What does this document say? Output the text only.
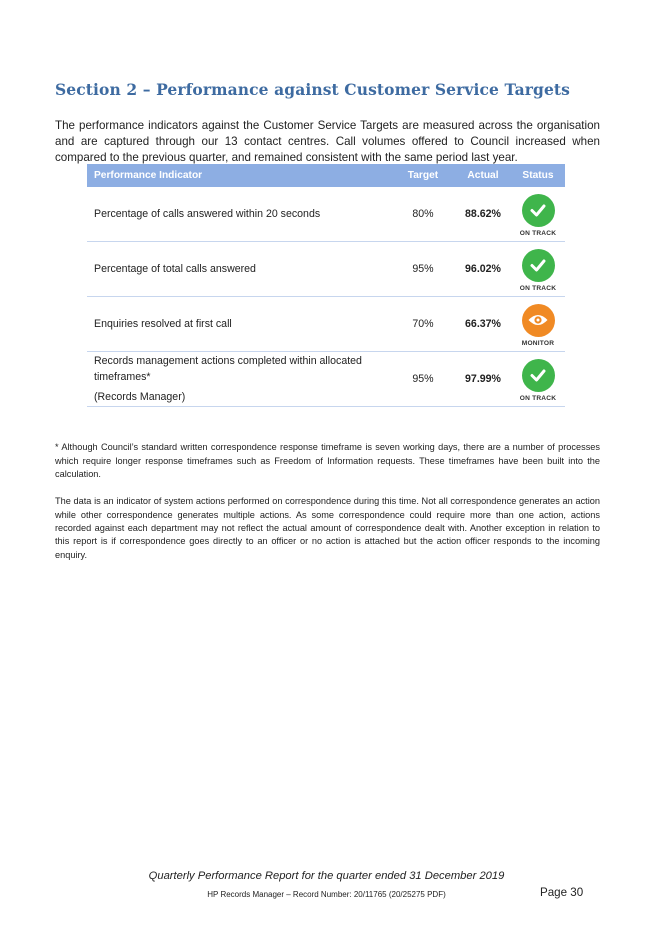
Section 2 – Performance against Customer Service Targets

The performance indicators against the Customer Service Targets are measured across the organisation and are captured through our 13 contact centres. Call volumes offered to Council increased when compared to the previous quarter, and remained consistent with the same period last year.

Performance Indicator	Target	Actual	Status

Percentage of calls answered within 20 seconds	80%	88.62%	ON TRACK

Percentage of total calls answered	95%	96.02%	ON TRACK

Enquiries resolved at first call	70%	66.37%	MONITOR

Records management actions completed within allocated timeframes*
(Records Manager)	95%	97.99%	ON TRACK

* Although Council’s standard written correspondence response timeframe is seven working days, there are a number of processes which require longer response timeframes such as Freedom of Information requests. These timeframes have been built into the calculation.

The data is an indicator of system actions performed on correspondence during this time. Not all correspondence generates an action while other correspondence generates multiple actions. As some correspondence could require more than one action, actions recorded against each department may not reflect the actual amount of correspondence dealt with. Another exception in relation to this report is if correspondence goes directly to an officer or no action is attached but the action officer responds to the incoming enquiry.

Quarterly Performance Report for the quarter ended 31 December 2019
HP Records Manager – Record Number: 20/11765 (20/25275 PDF)	Page 30
